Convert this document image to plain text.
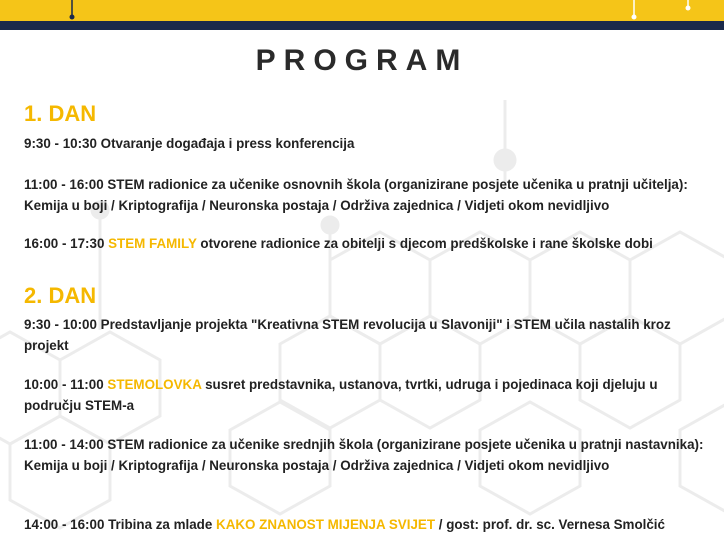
PROGRAM
1. DAN
9:30 - 10:30 Otvaranje događaja i press konferencija
11:00 - 16:00 STEM radionice za učenike osnovnih škola (organizirane posjete učenika u pratnji učitelja): Kemija u boji / Kriptografija / Neuronska postaja / Održiva zajednica / Vidjeti okom nevidljivo
16:00 - 17:30 STEM FAMILY otvorene radionice za obitelji s djecom predškolske i rane školske dobi
2. DAN
9:30 - 10:00 Predstavljanje projekta "Kreativna STEM revolucija u Slavoniji" i STEM učila nastalih kroz projekt
10:00 - 11:00 STEMOLOVKA susret predstavnika, ustanova, tvrtki, udruga i pojedinaca koji djeluju u području STEM-a
11:00 - 14:00 STEM radionice za učenike srednjih škola (organizirane posjete učenika u pratnji nastavnika): Kemija u boji / Kriptografija / Neuronska postaja / Održiva zajednica / Vidjeti okom nevidljivo
14:00 - 16:00 Tribina za mlade KAKO ZNANOST MIJENJA SVIJET / gost: prof. dr. sc. Vernesa Smolčić
